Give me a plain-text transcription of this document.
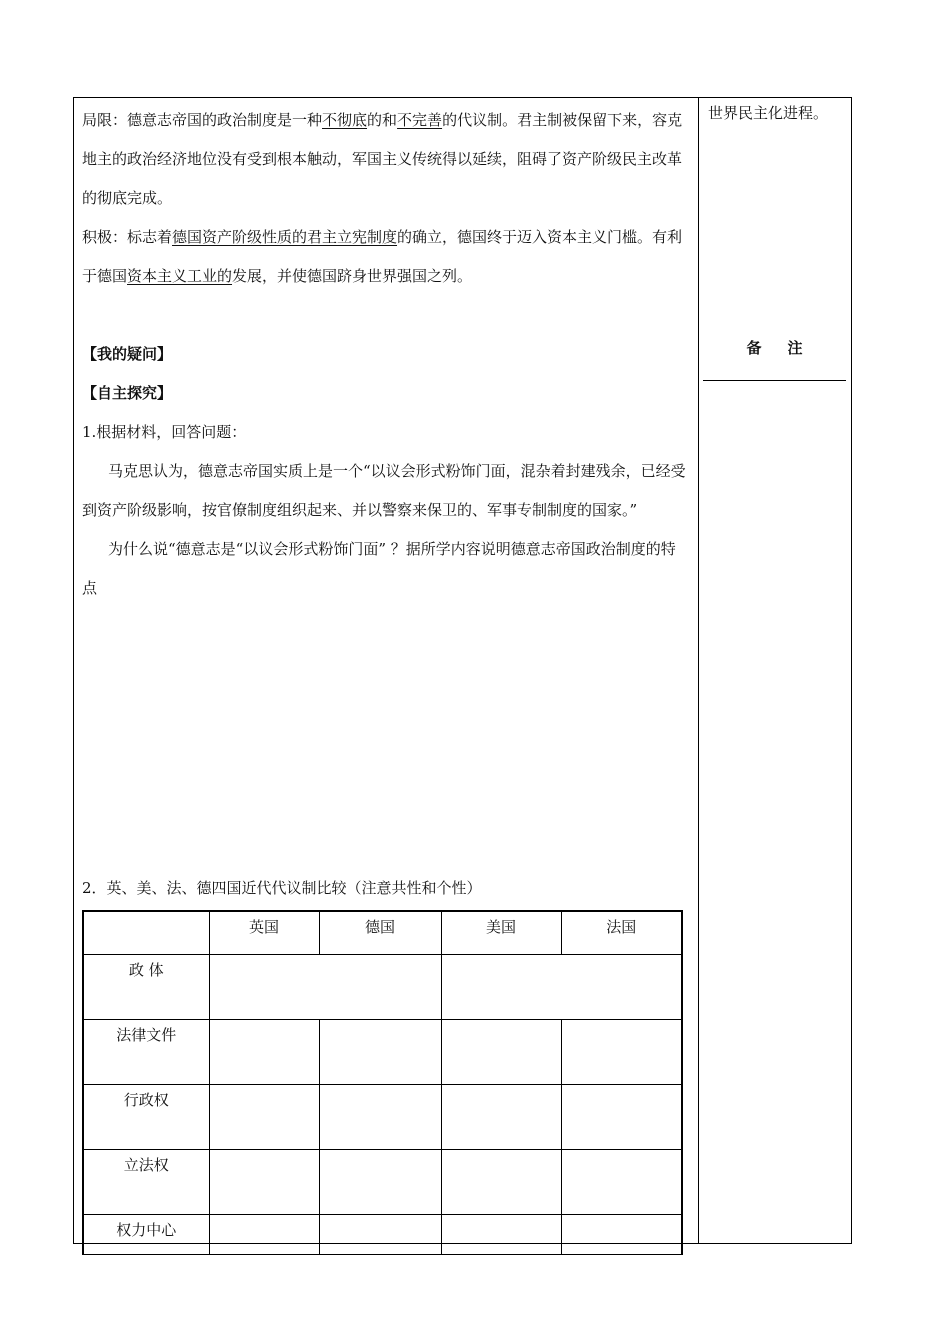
局限：德意志帝国的政治制度是一种不彻底的和不完善的代议制。君主制被保留下来，容克地主的政治经济地位没有受到根本触动，军国主义传统得以延续，阻碍了资产阶级民主改革的彻底完成。

积极：标志着德国资产阶级性质的君主立宪制度的确立，德国终于迈入资本主义门槛。有利于德国资本主义工业的发展，并使德国跻身世界强国之列。

【我的疑问】

【自主探究】

1.根据材料，回答问题：

马克思认为，德意志帝国实质上是一个“以议会形式粉饰门面，混杂着封建残余，已经受到资产阶级影响，按官僚制度组织起来、并以警察来保卫的、军事专制制度的国家。”

为什么说“德意志是“以议会形式粉饰门面” ？据所学内容说明德意志帝国政治制度的特点

世界民主化进程。
备注
2．英、美、法、德四国近代代议制比较（注意共性和个性）
	英国	德国	美国	法国
政 体				
法律文件				
行政权				
立法权				
权力中心				
